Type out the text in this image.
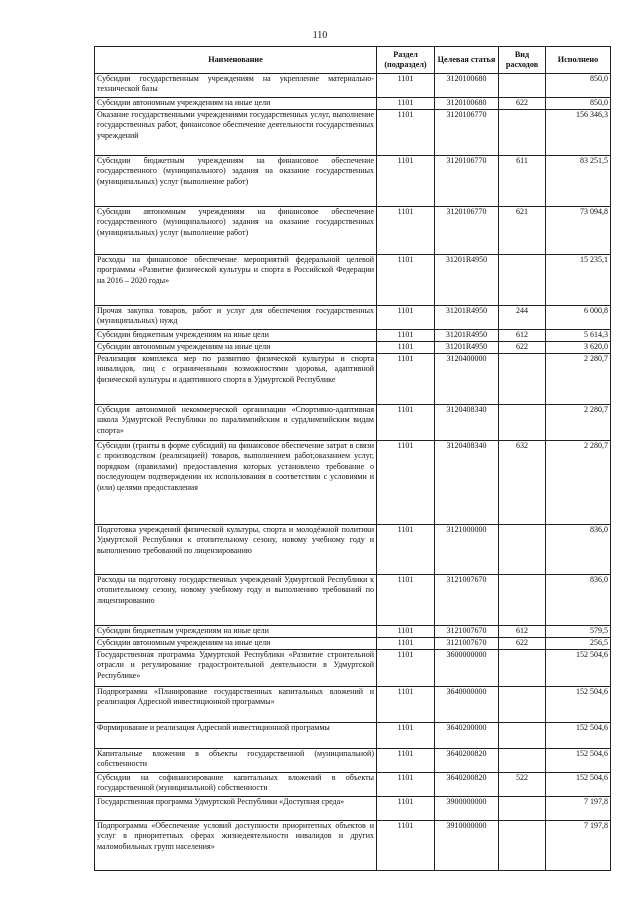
110
Наименование	Раздел (подраздел)	Целевая статья	Вид расходов	Исполнено
Субсидии государственным учреждениям на укрепление материально-технической базы	1101	3120100680		850,0
Субсидии автономным учреждениям на иные цели	1101	3120100680	622	850,0
Оказание государственными учреждениями государственных услуг, выполнение государственных работ, финансовое обеспечение деятельности государственных учреждений	1101	3120106770		156 346,3
Субсидии бюджетным учреждениям на финансовое обеспечение государственного (муниципального) задания на оказание государственных (муниципальных) услуг (выполнение работ)	1101	3120106770	611	83 251,5
Субсидии автономным учреждениям на финансовое обеспечение государственного (муниципального) задания на оказание государственных (муниципальных) услуг (выполнение работ)	1101	3120106770	621	73 094,8
Расходы на финансовое обеспечение мероприятий федеральной целевой программы «Развитие физической культуры и спорта в Российской Федерации на 2016 – 2020 годы»	1101	31201R4950		15 235,1
Прочая закупка товаров, работ и услуг для обеспечения государственных (муниципальных) нужд	1101	31201R4950	244	6 000,8
Субсидии бюджетным учреждениям на иные цели	1101	31201R4950	612	5 614,3
Субсидии автономным учреждениям на иные цели	1101	31201R4950	622	3 620,0
Реализация комплекса мер по развитию физической культуры и спорта инвалидов, лиц с ограниченными возможностями здоровья, адаптивной физической культуры и адаптивного спорта в Удмуртской Республике	1101	3120400000		2 280,7
Субсидия автономной некоммерческой организации «Спортивно-адаптивная школа Удмуртской Республики по паралимпийским и сурдлимпийским видам спорта»	1101	3120408340		2 280,7
Субсидии (гранты в форме субсидий) на финансовое обеспечение затрат в связи с производством (реализацией) товаров, выполнением работ,оказанием услуг, порядком (правилами) предоставления которых установлено требование о последующем подтверждении их использования в соответствии с условиями и (или) целями предоставления	1101	3120408340	632	2 280,7
Подготовка учреждений физической культуры, спорта и молодёжной политики Удмуртской Республики к отопительному сезону, новому учебному году и выполнению требований по лицензированию	1101	3121000000		836,0
Расходы на подготовку государственных учреждений Удмуртской Республики к отопительному сезону, новому учебному году и выполнению требований по лицензированию	1101	3121007670		836,0
Субсидии бюджетным учреждениям на иные цели	1101	3121007670	612	579,5
Субсидии автономным учреждениям на иные цели	1101	3121007670	622	256,5
Государственная программа Удмуртской Республики «Развитие строительной отрасли и регулирование градостроительной деятельности в Удмуртской Республике»	1101	3600000000		152 504,6
Подпрограмма «Планирование государственных капитальных вложений и реализация Адресной инвестиционной программы»	1101	3640000000		152 504,6
Формирование и реализация Адресной инвестиционной программы	1101	3640200000		152 504,6
Капитальные вложения в объекты государственной (муниципальной) собственности	1101	3640200820		152 504,6
Субсидии на софинансирование капитальных вложений в объекты государственной (муниципальной) собственности	1101	3640200820	522	152 504,6
Государственная программа Удмуртской Республики «Доступная среда»	1101	3900000000		7 197,8
Подпрограмма «Обеспечение условий доступности приоритетных объектов и услуг в приоритетных сферах жизнедеятельности инвалидов и других маломобильных групп населения»	1101	3910000000		7 197,8
